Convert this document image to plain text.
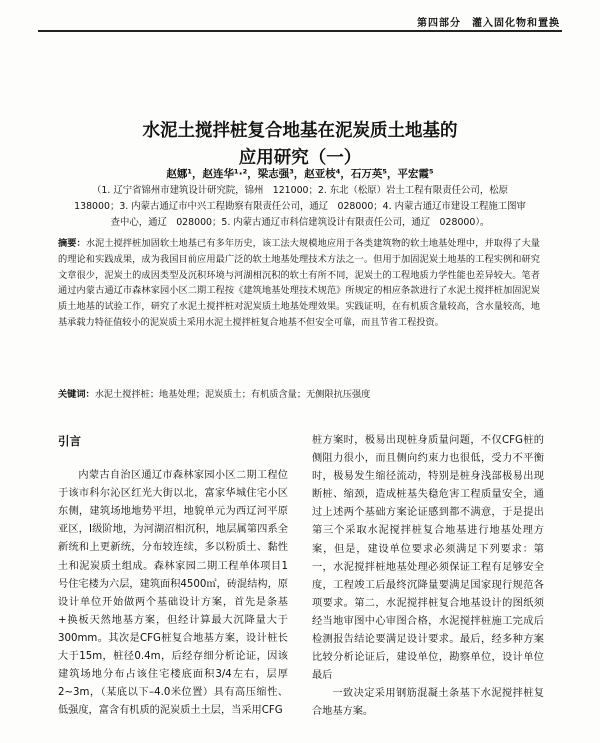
第四部分　灌入固化物和置换
水泥土搅拌桩复合地基在泥炭质土地基的
应用研究（一）
赵娜¹，赵连华¹·²，梁志强³，赵亚枝⁴，石万英⁵，平宏霞⁵
（1. 辽宁省锦州市建筑设计研究院，锦州　121000；2. 东北（松原）岩土工程有限责任公司，松原　138000；3. 内蒙古通辽市中兴工程勘察有限责任公司，通辽　028000；4. 内蒙古通辽市建设工程施工图审查中心，通辽　028000；5. 内蒙古通辽市科信建筑设计有限责任公司，通辽　028000）。
摘要：水泥土搅拌桩加固软土地基已有多年历史，该工法大规模地应用于各类建筑物的软土地基处理中，并取得了大量的理论和实践成果，成为我国目前应用最广泛的软土地基处理技术方法之一。但用于加固泥炭土地基的工程实例和研究文章很少，泥炭土的成因类型及沉积环境与河湖相沉积的软土有所不同，泥炭土的工程地质力学性能也差异较大。笔者通过内蒙古通辽市森林家园小区二期工程按《建筑地基处理技术规范》所规定的相应条款进行了水泥土搅拌桩加固泥炭质土地基的试验工作，研究了水泥土搅拌桩对泥炭质土地基处理效果。实践证明，在有机质含量较高，含水量较高，地基承载力特征值较小的泥炭质土采用水泥土搅拌桩复合地基不但安全可靠，而且节省工程投资。
关键词：水泥土搅拌桩；地基处理；泥炭质土；有机质含量；无侧限抗压强度
引言

内蒙古自治区通辽市森林家园小区二期工程位于该市科尔沁区红光大街以北，富家华城住宅小区东侧，建筑场地地势平坦，地貌单元为西辽河平原亚区，Ⅰ级阶地，为河湖沼相沉积，地层属第四系全新统和上更新统，分布较连续，多以粉质土、黏性土和泥炭质土组成。森林家园二期工程单体项目1号住宅楼为六层，建筑面积4500㎡，砖混结构，原设计单位开始做两个基础设计方案，首先是条基+换板天然地基方案，但经计算最大沉降量大于300mm。其次是CFG桩复合地基方案，设计桩长大于15m，桩径0.4m，后经存细分析论证，因该建筑场地分布占该住宅楼底面积3/4左右，层厚2~3m，（某底以下–4.0米位置）具有高压缩性、低强度，富含有机质的泥炭质土土层，当采用CFG

桩方案时，极易出现桩身质量问题，不仅CFG桩的侧阻力很小，而且侧向约束力也很低，受力不平衡时，极易发生缩径流动，特别是桩身浅部极易出现断桩、缩颈，造成桩基失稳危害工程质量安全，通过上述两个基础方案论证感到都不满意，于是提出第三个采取水泥搅拌桩复合地基进行地基处理方案，但是，建设单位要求必须满足下列要求：第一，水泥搅拌桩地基处理必须保证工程有足够安全度，工程竣工后最终沉降量要满足国家现行规范各项要求。第二，水泥搅拌桩复合地基设计的图纸须经当地审图中心审图合格，水泥搅拌桩施工完成后检测报告结论要满足设计要求。最后，经多种方案比较分析论证后，建设单位，勘察单位，设计单位最后

一致决定采用钢筋混凝土条基下水泥搅拌桩复合地基方案。
